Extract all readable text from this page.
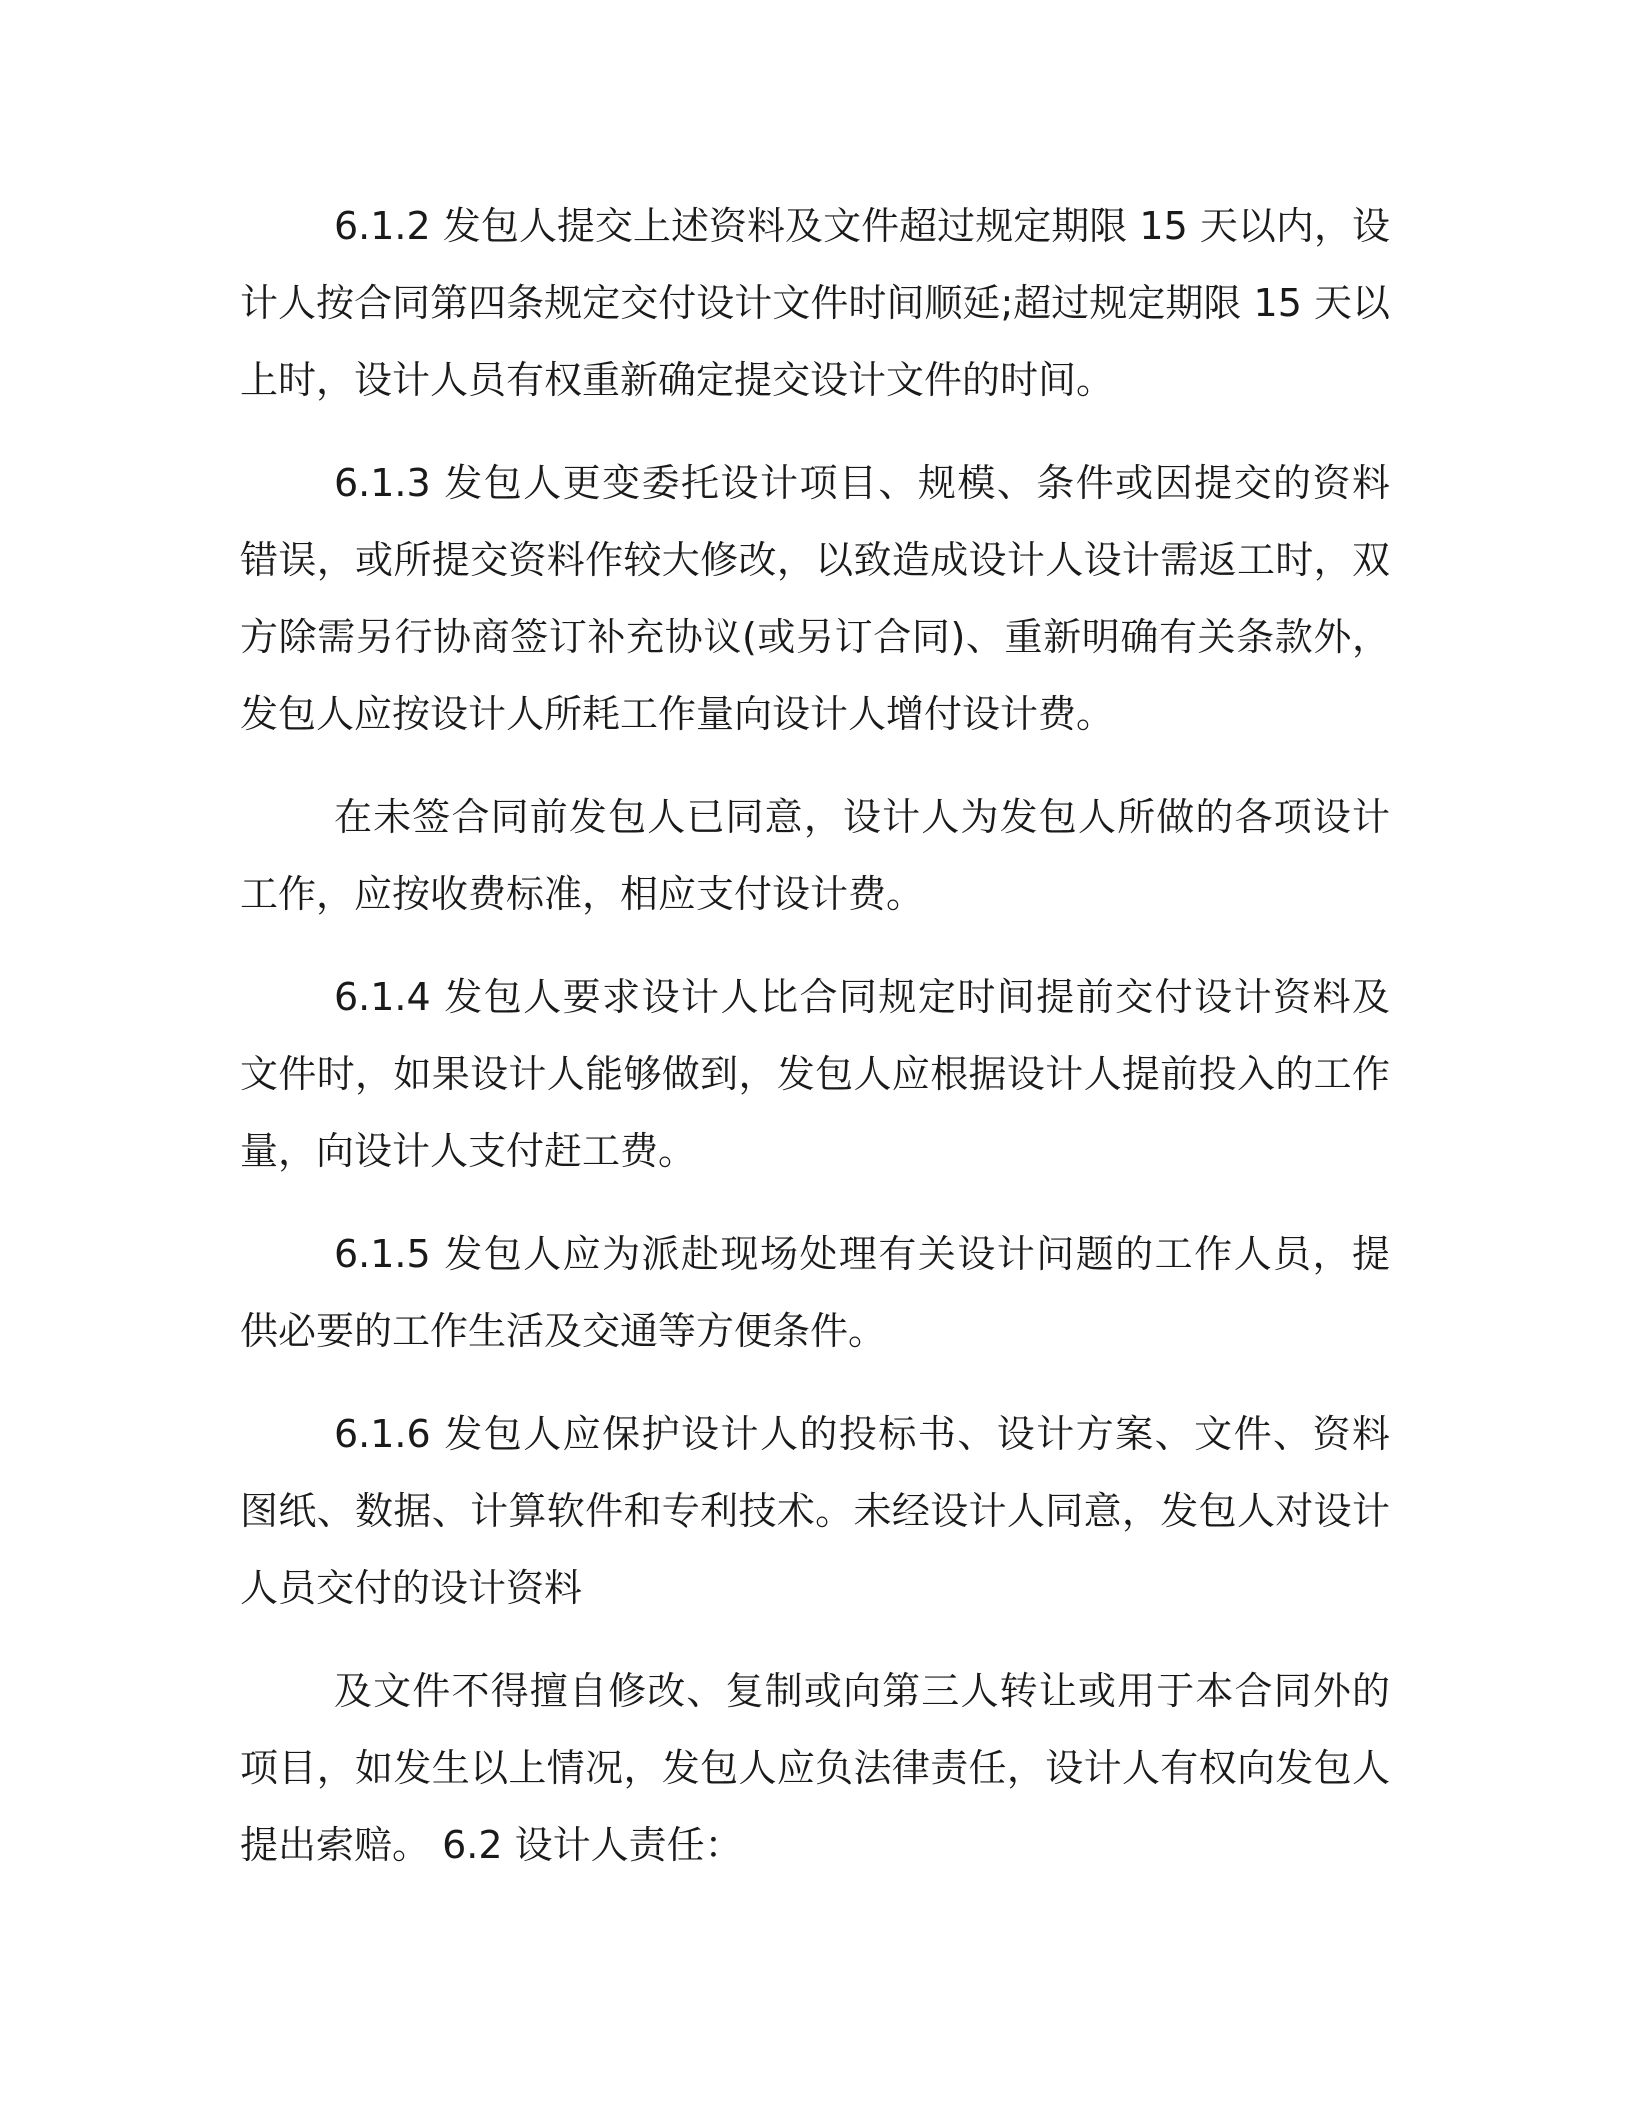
6.1.2 发包人提交上述资料及文件超过规定期限 15 天以内，设计人按合同第四条规定交付设计文件时间顺延;超过规定期限 15 天以上时，设计人员有权重新确定提交设计文件的时间。

6.1.3 发包人更变委托设计项目、规模、条件或因提交的资料错误，或所提交资料作较大修改，以致造成设计人设计需返工时，双方除需另行协商签订补充协议(或另订合同)、重新明确有关条款外，发包人应按设计人所耗工作量向设计人增付设计费。

在未签合同前发包人已同意，设计人为发包人所做的各项设计工作，应按收费标准，相应支付设计费。

6.1.4 发包人要求设计人比合同规定时间提前交付设计资料及文件时，如果设计人能够做到，发包人应根据设计人提前投入的工作量，向设计人支付赶工费。

6.1.5 发包人应为派赴现场处理有关设计问题的工作人员，提供必要的工作生活及交通等方便条件。

6.1.6 发包人应保护设计人的投标书、设计方案、文件、资料图纸、数据、计算软件和专利技术。未经设计人同意，发包人对设计人员交付的设计资料

及文件不得擅自修改、复制或向第三人转让或用于本合同外的项目，如发生以上情况，发包人应负法律责任，设计人有权向发包人提出索赔。 6.2 设计人责任：
